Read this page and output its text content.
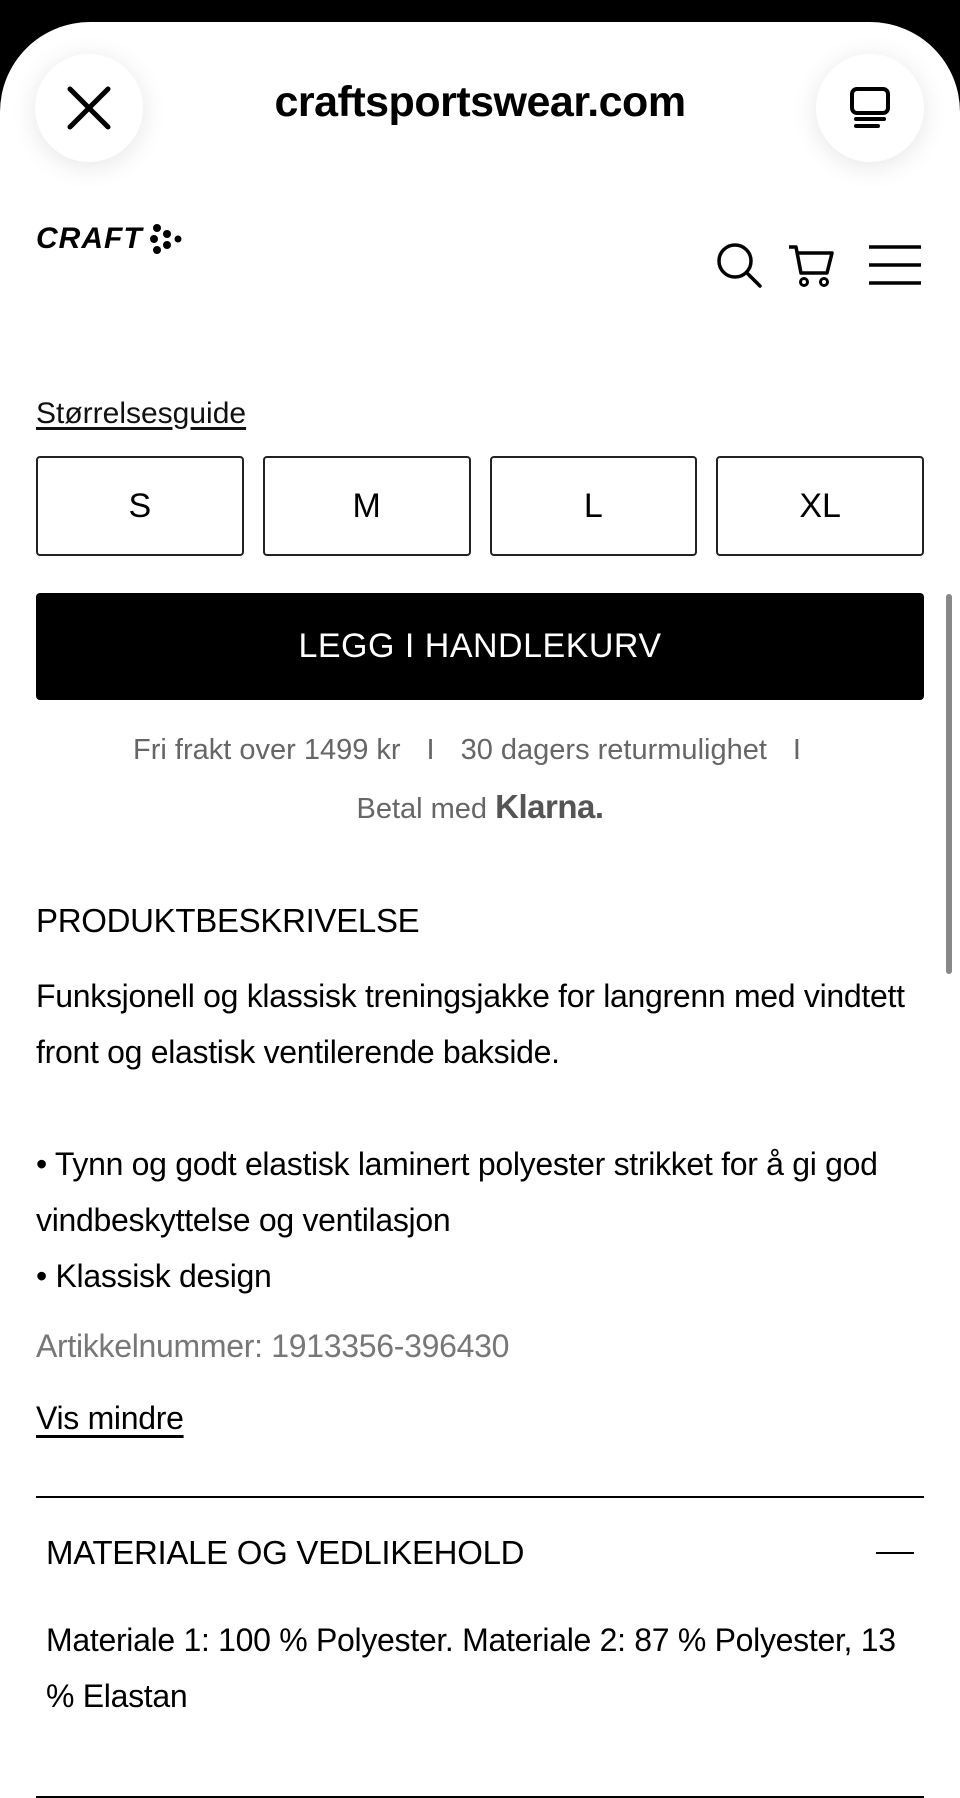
craftsportswear.com
CRAFT
Størrelsesguide
S	M	L	XL
LEGG I HANDLEKURV
Fri frakt over 1499 kr I 30 dagers returmulighet I
Betal med Klarna.
PRODUKTBESKRIVELSE

Funksjonell og klassisk treningsjakke for langrenn med vindtett front og elastisk ventilerende bakside.

• Tynn og godt elastisk laminert polyester strikket for å gi god vindbeskyttelse og ventilasjon

• Klassisk design

Artikkelnummer: 1913356-396430
Vis mindre
MATERIALE OG VEDLIKEHOLD
Materiale 1: 100 % Polyester. Materiale 2: 87 % Polyester, 13 % Elastan
